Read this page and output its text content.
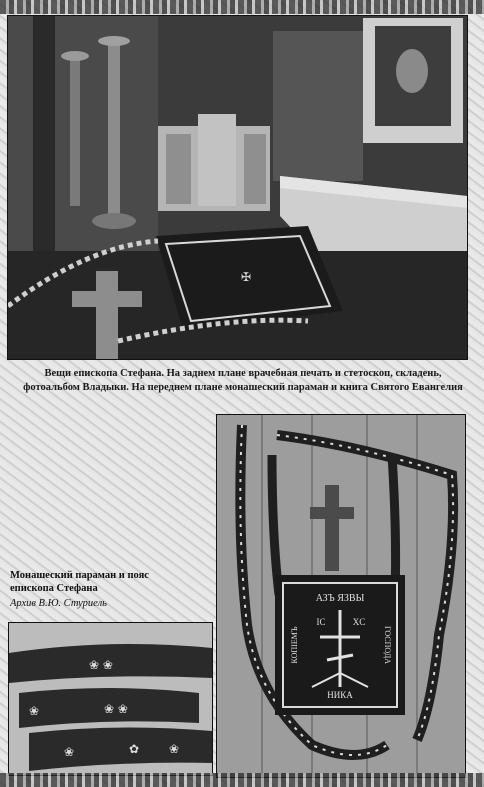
✠
Вещи епископа Стефана. На заднем плане врачебная печать и стетоскоп, складень,
фотоальбом Владыки. На переднем плане монашеский параман и книга Святого Евангелия
Монашеский параман и пояс
епископа Стефана
Архив В.Ю. Стуриель	АЗЪ ЯЗВЫ
IC	XC
НИКА
КОПІЕМЪ	ГОСПОДА
❀ ❀
❀	❀ ❀
❀	✿ ❀
